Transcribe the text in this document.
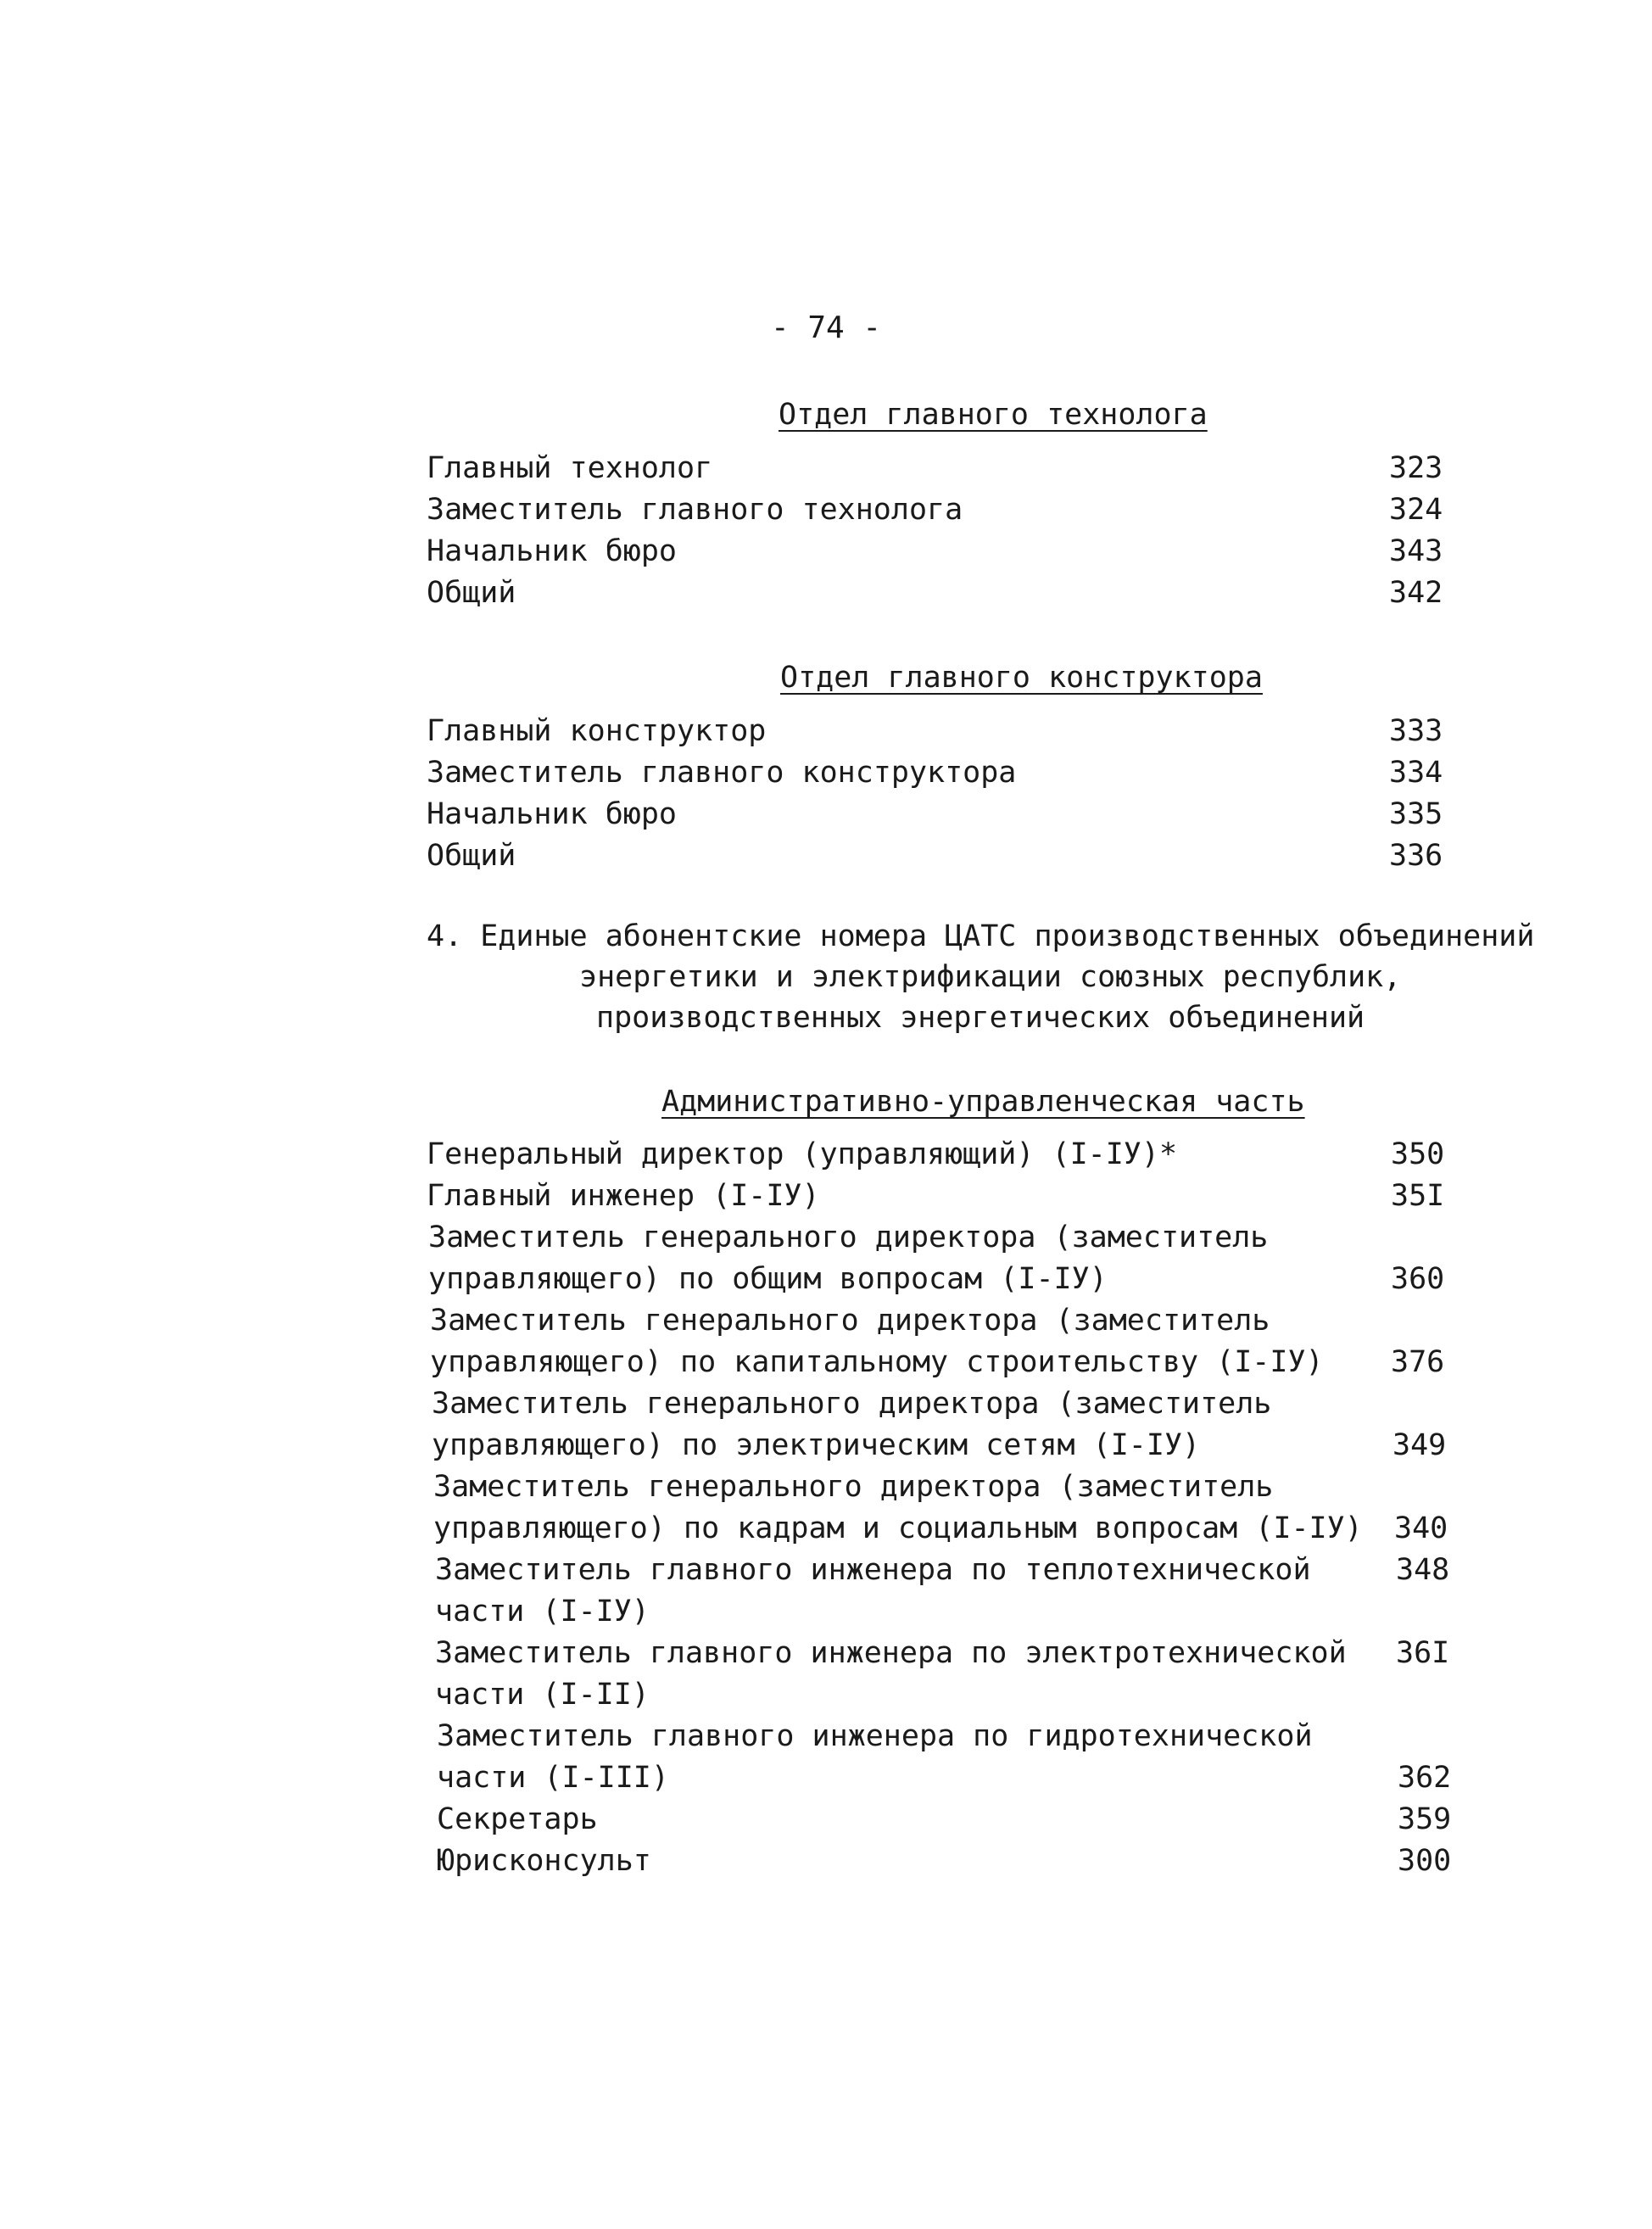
- 74 -
Отдел главного технолога
Главный технолог	323
Заместитель главного технолога	324
Начальник бюро	343
Общий	342
Отдел главного конструктора
Главный конструктор	333
Заместитель главного конструктора	334
Начальник бюро	335
Общий	336
4. Единые абонентские номера ЦАТС производственных объединений
энергетики и электрификации союзных республик,
производственных энергетических объединений
Административно-управленческая часть
Генеральный директор (управляющий) (I-IУ)*	350
Главный инженер (I-IУ)	35I
Заместитель генерального директора (заместитель
управляющего) по общим вопросам (I-IУ)	360
Заместитель генерального директора (заместитель
управляющего) по капитальному строительству (I-IУ) 376
Заместитель генерального директора (заместитель
управляющего) по электрическим сетям (I-IУ)	349
Заместитель генерального директора (заместитель
управляющего) по кадрам и социальным вопросам (I-IУ) 340
Заместитель главного инженера по теплотехнической	348
части (I-IУ)
Заместитель главного инженера по электротехнической 36I
части (I-II)
Заместитель главного инженера по гидротехнической
части (I-III)	362
Секретарь	359
Юрисконсульт	300
